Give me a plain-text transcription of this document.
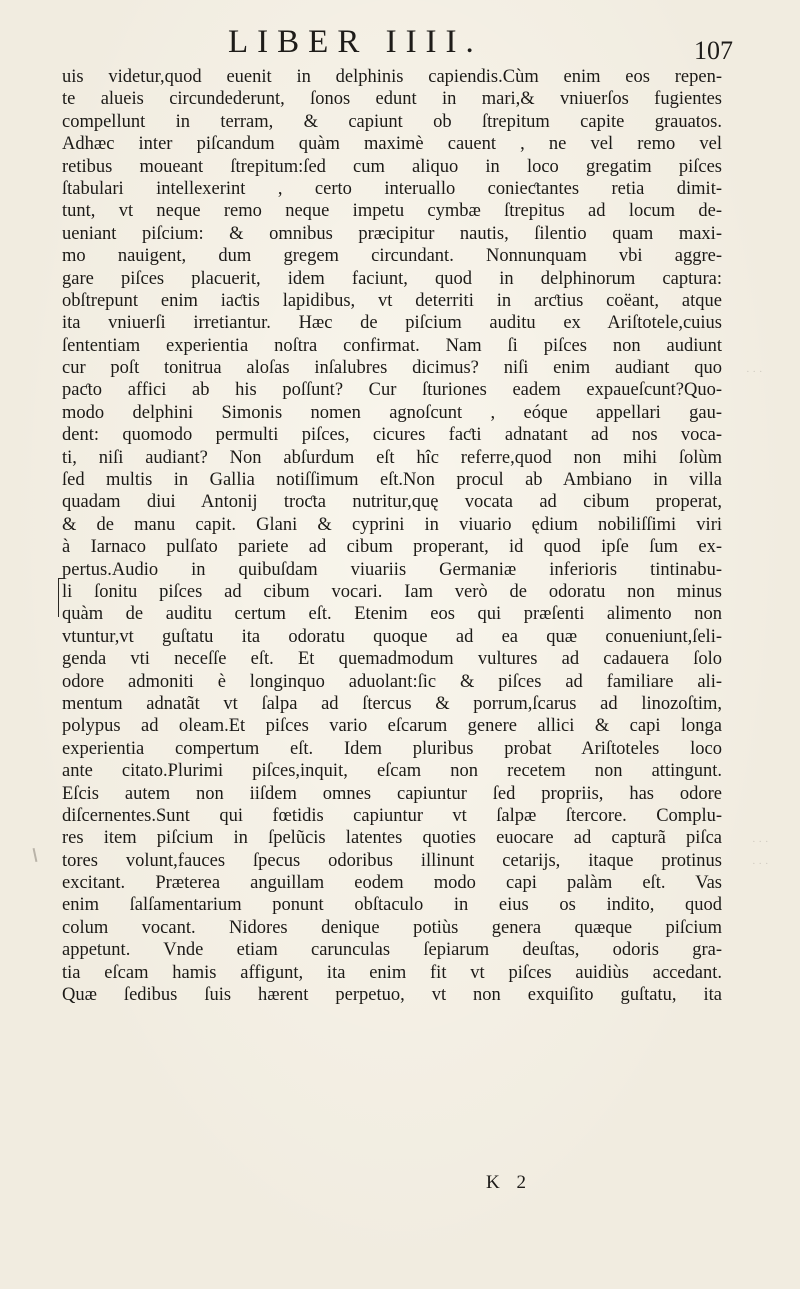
LIBER IIII.	107
uis videtur,quod euenit in delphinis capiendis.Cùm enim eos repen-
te alueis circundederunt, ſonos edunt in mari,& vniuerſos fugientes
compellunt in terram, & capiunt ob ſtrepitum capite grauatos.
Adhæc inter piſcandum quàm maximè cauent , ne vel remo vel
retibus moueant ſtrepitum:ſed cum aliquo in loco gregatim piſces
ſtabulari intellexerint , certo interuallo conieƈtantes retia dimit-
tunt, vt neque remo neque impetu cymbæ ſtrepitus ad locum de-
ueniant piſcium: & omnibus præcipitur nautis, ſilentio quam maxi-
mo nauigent, dum gregem circundant. Nonnunquam vbi aggre-
gare piſces placuerit, idem faciunt, quod in delphinorum captura:
obſtrepunt enim iaƈtis lapidibus, vt deterriti in arƈtius coëant, atque
ita vniuerſi irretiantur. Hæc de piſcium auditu ex Ariſtotele,cuius
ſententiam experientia noſtra confirmat. Nam ſi piſces non audiunt
cur poſt tonitrua aloſas inſalubres dicimus? niſi enim audiant quo
paƈto affici ab his poſſunt? Cur ſturiones eadem expaueſcunt?Quo-
modo delphini Simonis nomen agnoſcunt , eóque appellari gau-
dent: quomodo permulti piſces, cicures faƈti adnatant ad nos voca-
ti, niſi audiant? Non abſurdum eſt hîc referre,quod non mihi ſolùm
ſed multis in Gallia notiſſimum eſt.Non procul ab Ambiano in villa
quadam diui Antonij troƈta nutritur,quę vocata ad cibum properat,
& de manu capit. Glani & cyprini in viuario ędium nobiliſſimi viri
à Iarnaco pulſato pariete ad cibum properant, id quod ipſe ſum ex-
pertus.Audio in quibuſdam viuariis Germaniæ inferioris tintinabu-
li ſonitu piſces ad cibum vocari. Iam verò de odoratu non minus
quàm de auditu certum eſt. Etenim eos qui præſenti alimento non
vtuntur,vt guſtatu ita odoratu quoque ad ea quæ conueniunt,ſeli-
genda vti neceſſe eſt. Et quemadmodum vultures ad cadauera ſolo
odore admoniti è longinquo aduolant:ſic & piſces ad familiare ali-
mentum adnatãt vt ſalpa ad ſtercus & porrum,ſcarus ad linozoſtim,
polypus ad oleam.Et piſces vario eſcarum genere allici & capi longa
experientia compertum eſt. Idem pluribus probat Ariſtoteles loco
ante citato.Plurimi piſces,inquit, eſcam non recetem non attingunt.
Eſcis autem non iiſdem omnes capiuntur ſed propriis, has odore
diſcernentes.Sunt qui fœtidis capiuntur vt ſalpæ ſtercore. Complu-
res item piſcium in ſpelũcis latentes quoties euocare ad capturã piſca
tores volunt,fauces ſpecus odoribus illinunt cetarijs, itaque protinus
excitant. Præterea anguillam eodem modo capi palàm eſt. Vas
enim ſalſamentarium ponunt obſtaculo in eius os indito, quod
colum vocant. Nidores denique potiùs genera quæque piſcium
appetunt. Vnde etiam carunculas ſepiarum deuſtas, odoris gra-
tia eſcam hamis affigunt, ita enim fit vt piſces auidiùs accedant.
Quæ ſedibus ſuis hærent perpetuo, vt non exquiſito guſtatu, ita
K 2
· · ·
· · ·
· · ·
